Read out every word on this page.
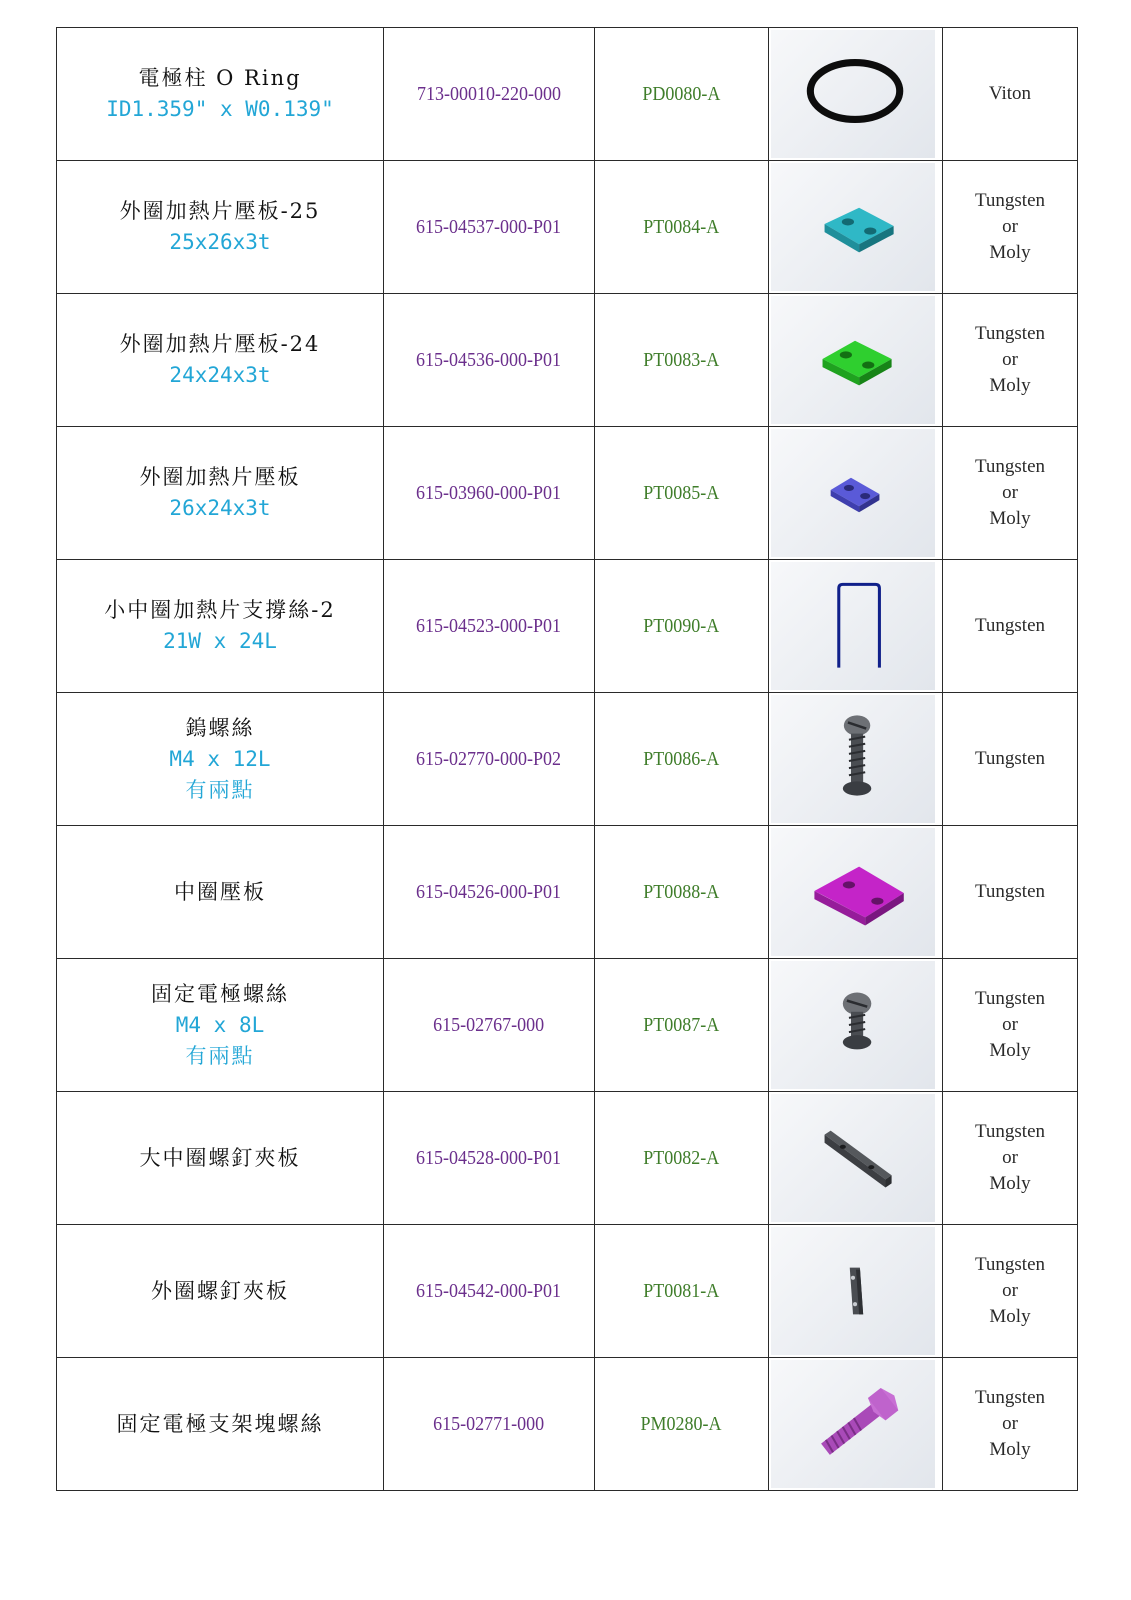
電極柱 O Ring
ID1.359" x W0.139"	713-00010-220-000	PD0080-A		Viton

外圈加熱片壓板-25
25x26x3t	615-04537-000-P01	PT0084-A		Tungsten
or
Moly

外圈加熱片壓板-24
24x24x3t	615-04536-000-P01	PT0083-A		Tungsten
or
Moly

外圈加熱片壓板
26x24x3t	615-03960-000-P01	PT0085-A		Tungsten
or
Moly

小中圈加熱片支撐絲-2
21W x 24L	615-04523-000-P01	PT0090-A		Tungsten

鎢螺絲
M4 x 12L
有兩點	615-02770-000-P02	PT0086-A		Tungsten

中圈壓板	615-04526-000-P01	PT0088-A		Tungsten

固定電極螺絲
M4 x 8L
有兩點	615-02767-000	PT0087-A		Tungsten
or
Moly

大中圈螺釘夾板	615-04528-000-P01	PT0082-A		Tungsten
or
Moly

外圈螺釘夾板	615-04542-000-P01	PT0081-A		Tungsten
or
Moly

固定電極支架塊螺絲	615-02771-000	PM0280-A		Tungsten
or
Moly
